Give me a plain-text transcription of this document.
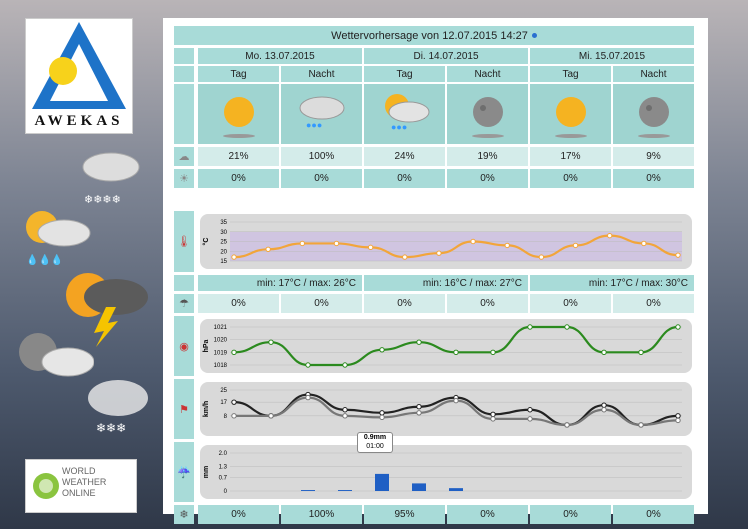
AWEKAS
❄❄❄❄
💧💧💧
❄❄❄
WORLD WEATHER ONLINE
Wettervorhersage von 12.07.2015 14:27
Mo. 13.07.2015	Di. 14.07.2015	Mi. 15.07.2015
Tag	Nacht	Tag	Nacht	Tag	Nacht
●●●	●●●
☁	21%	100%	24%	19%	17%	9%
☀	0%	0%	0%	0%	0%	0%
🌡
35
30
25
20
15
°C
min: 17°C / max: 26°C	min: 16°C / max: 27°C	min: 17°C / max: 30°C
☂	0%	0%	0%	0%	0%	0%
◉
1021
1020
1019
1018
hPa
⚑
25
17
8
km/h
☔
2.0
1.3
0.7
0
mm
❄	0%	100%	95%	0%	0%	0%
0.9mm
01:00
